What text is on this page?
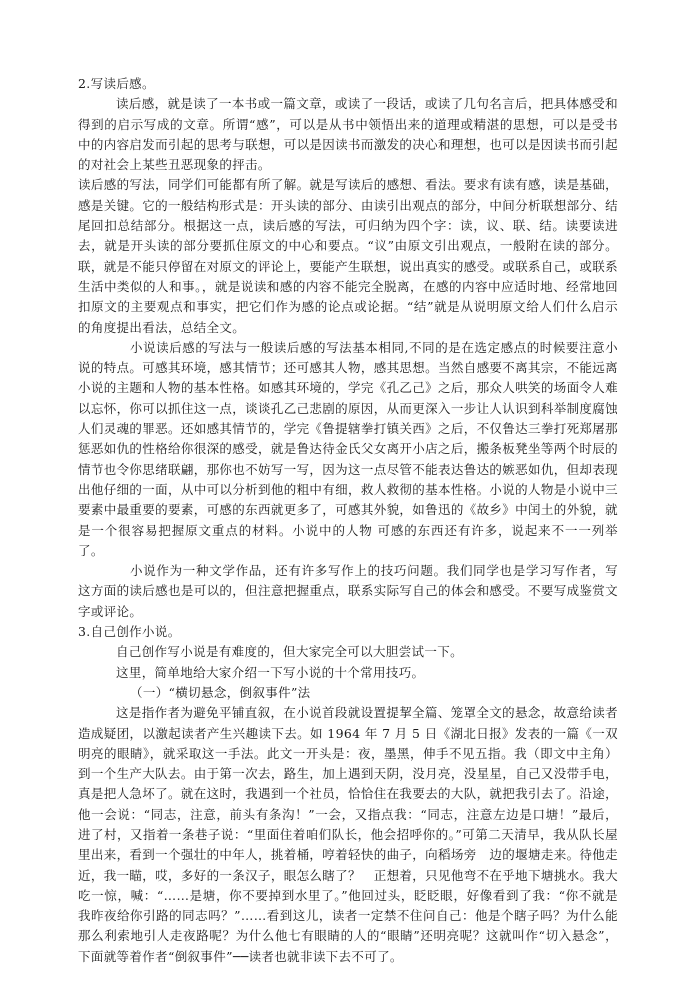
2.写读后感。

读后感，就是读了一本书或一篇文章，或读了一段话，或读了几句名言后，把具体感受和得到的启示写成的文章。所谓“感”，可以是从书中领悟出来的道理或精湛的思想，可以是受书中的内容启发而引起的思考与联想，可以是因读书而激发的决心和理想，也可以是因读书而引起的对社会上某些丑恶现象的抨击。

读后感的写法，同学们可能都有所了解。就是写读后的感想、看法。要求有读有感，读是基础，感是关键。它的一般结构形式是：开头读的部分、由读引出观点的部分，中间分析联想部分、结尾回扣总结部分。根据这一点，读后感的写法，可归纳为四个字：读，议、联、结。读要读进去，就是开头读的部分要抓住原文的中心和要点。“议”由原文引出观点，一般附在读的部分。联，就是不能只停留在对原文的评论上，要能产生联想，说出真实的感受。或联系自己，或联系生活中类似的人和事。，就是说读和感的内容不能完全脱离，在感的内容中应适时地、经常地回扣原文的主要观点和事实，把它们作为感的论点或论据。“结”就是从说明原文给人们什么启示的角度提出看法，总结全文。

小说读后感的写法与一般读后感的写法基本相同,不同的是在选定感点的时候要注意小说的特点。可感其环境，感其情节；还可感其人物，感其思想。当然自感要不离其宗，不能远离小说的主题和人物的基本性格。如感其环境的，学完《孔乙己》之后，那众人哄笑的场面令人难以忘怀，你可以抓住这一点，谈谈孔乙己悲剧的原因，从而更深入一步让人认识到科举制度腐蚀人们灵魂的罪恶。还如感其情节的，学完《鲁提辖拳打镇关西》之后，不仅鲁达三拳打死郑屠那惩恶如仇的性格给你很深的感受，就是鲁达待金氏父女离开小店之后，搬条板凳坐等两个时辰的情节也令你思绪联翩，那你也不妨写一写，因为这一点尽管不能表达鲁达的嫉恶如仇，但却表现出他仔细的一面，从中可以分析到他的粗中有细，救人救彻的基本性格。小说的人物是小说中三要素中最重要的要素，可感的东西就更多了，可感其外貌，如鲁迅的《故乡》中闰土的外貌，就是一个很容易把握原文重点的材料。小说中的人物 可感的东西还有许多，说起来不一一列举了。

小说作为一种文学作品，还有许多写作上的技巧问题。我们同学也是学习写作者，写这方面的读后感也是可以的，但注意把握重点，联系实际写自己的体会和感受。不要写成鉴赏文字或评论。

3.自己创作小说。

自己创作写小说是有难度的，但大家完全可以大胆尝试一下。

这里，简单地给大家介绍一下写小说的十个常用技巧。

（一）“横切悬念，倒叙事件”法

这是指作者为避免平铺直叙，在小说首段就设置提挈全篇、笼罩全文的悬念，故意给读者造成疑团，以激起读者产生兴趣读下去。如 1964 年 7 月 5 日《湖北日报》发表的一篇《一双明亮的眼睛》，就采取这一手法。此文一开头是：夜，墨黑，伸手不见五指。我（即文中主角）到一个生产大队去。由于第一次去，路生，加上遇到天阴，没月亮，没星星，自己又没带手电，真是把人急坏了。就在这时，我遇到一个社员，恰恰住在我要去的大队，就把我引去了。沿途，他一会说：“同志，注意，前头有条沟！”一会，又指点我：“同志，注意左边是口塘！”最后，进了村，又指着一条巷子说：“里面住着咱们队长，他会招呼你的。”可第二天清早，我从队长屋里出来，看到一个强壮的中年人，挑着桶，哼着轻快的曲子，向稻场旁　边的堰塘走来。待他走近，我一瞄，哎，多好的一条汉子，眼怎么瞎了？　正想着，只见他弯不在乎地下塘挑水。我大吃一惊，喊：“……是塘，你不要掉到水里了。”他回过头，眨眨眼，好像看到了我：“你不就是我昨夜给你引路的同志吗？”……看到这儿，读者一定禁不住问自己：他是个瞎子吗？为什么能那么利索地引人走夜路呢？为什么他七有眼睛的人的“眼睛”还明亮呢？这就叫作“切入悬念”，下面就等着作者“倒叙事件”──读者也就非读下去不可了。
